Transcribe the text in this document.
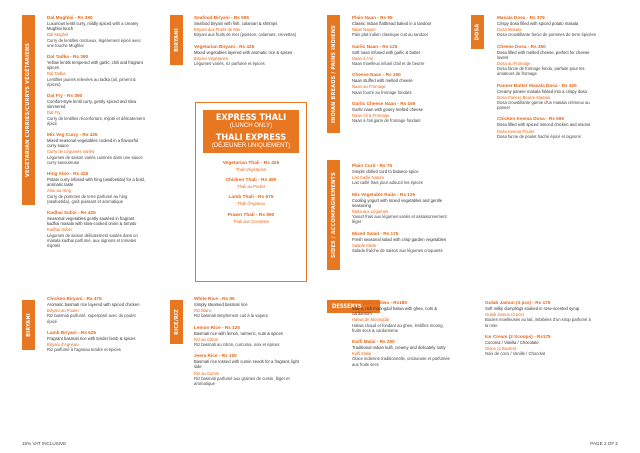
VEGETARIAN CURRIES/CURRYS VÉGÉTARIENS
BIRYANI	INDIAN BREADS / PAINS INDIENS	DOSA
SIDES / ACCOMPAGNEMENTS
BIRYANI	RICE/RIZ
DESSERTS
Dal Mughlai - Rs 390
Luxurious lentil curry, mildly spiced with a creamy Mughlai touch
Dal Moghol
Curry de lentilles onctueux, légèrement épicé avec une touche Mughlai
Dal Tadka - Rs 390
Yellow lentils tempered with garlic, chili and fragrant spices
Dal Tadka
Lentilles jaunes relevées au tadka (ail, piment & épices)
Dal Fry - Rs 390
Comfort-style lentil curry, gently spiced and slow simmered
Dal Fry
Curry de lentilles réconfortant, mijoté et délicatement épicé
Mix Veg Curry - Rs 425
Mixed seasonal vegetables cooked in a flavourful curry sauce
Curry de Légumes Variés
Légumes de saison variés cuisinés dans une sauce curry savoureuse
Hing Aloo - Rs 425
Potato curry infused with hing (asafoetida) for a bold, aromatic taste
Aloo au Hing
Curry de pommes de terre parfumé au hing (asafoetida), goût puissant et aromatique
Kadhai Subzi - Rs 425
Seasonal vegetables gently sautéed in fragrant kadhai masala with slow-cooked onion & tomato
Kadhai Subzi
Légumes de saison délicatement sautés dans un masala kadhai parfumé, aux oignons et tomates mijotés
Seafood Biryani - Rs 595
Seafood biryani with fish, calamari & shrimps
Biryani aux Fruits de Mer
Biryani aux fruits de mer (poisson, calamars, crevettes)
Vegetarian Biryani - Rs 425
Mixed vegetables layered with aromatic rice & spices
Biryani Végétarien
Légumes variés, riz parfumé et épices
EXPRESS THALI
(LUNCH ONLY)
THALI EXPRESS
(DÉJEUNER UNIQUEMENT)
Vegetarian Thali - Rs 425
Thali Végétarien
Chicken Thali - Rs 490
Thali au Poulet
Lamb Thali - Rs 575
Thali d'Agneau
Prawn Thali - Rs 590
Thali aux Crevettes
Plain Naan - Rs 95
Classic Indian flatbread baked in a tandoor
Naan Nature
Pain plat indien classique cuit au tandoor
Garlic Naan - Rs 125
Soft naan infused with garlic & butter
Naan à l'Ail
Naan moelleux infusé d'ail et de beurre
Cheese Naan - Rs 150
Naan stuffed with melted cheese
Naan au Fromage
Naan fourré au fromage fondant
Garlic Cheese Naan - Rs 165
Garlic naan with gooey melted cheese
Naan Ail & Fromage
Naan à l'ail garni de fromage fondant
Plain Curd - Rs 75
Simple chilled curd to balance spice
Lait Caillé Nature
Lait caillé frais pour adoucir les épices
Mix Vegetable Raita - Rs 125
Cooling yogurt with mixed vegetables and gentle seasoning
Raita aux Légumes
Yaourt frais aux légumes variés et assaisonnement léger
Mixed Salad - Rs 175
Fresh seasonal salad with crisp garden vegetables
Salade Mixte
Salade fraîche de saison aux légumes croquants
Masala Dosa - Rs 375
Crispy dosa filled with spiced potato masala
Dosa Masala
Dosa croustillante farcie de pommes de terre épicées
Cheese Dosa - Rs 350
Dosa filled with melted cheese, perfect for cheese lovers
Dosa au Fromage
Dosa farcie de fromage fondu, parfaite pour les amateurs de fromage
Paneer Butter Masala Dosa - Rs 425
Creamy paneer masala folded into a crispy dosa
Dosa Paneer Beurre Masala
Dosa croustillante garnie d'un masala crémeux au paneer
Chicken Keema Dosa - Rs 595
Dosa filled with spiced minced chicken and onions
Dosa Keema Poulet
Dosa farcie de poulet haché épicé et oignons
Chicken Biryani - Rs 475
Aromatic basmati rice layered with spiced chicken
Biryani au Poulet
Riz basmati parfumé, superposé avec du poulet épicé
Lamb Biryani - Rs 525
Fragrant basmati rice with tender lamb & spices
Biryani d'Agneau
Riz parfumé à l'agneau tendre et épices
White Rice - Rs 95
Simply steamed basmati rice
Riz Blanc
Riz basmati simplement cuit à la vapeur
Lemon Rice - Rs 125
Basmati rice with lemon, turmeric, nuts & spices
Riz au Citron
Riz basmati au citron, curcuma, noix et épices
Jeera Rice - Rs 150
Basmati rice tossed with cumin seeds for a fragrant, light side
Riz au Cumin
Riz basmati parfumé aux graines de cumin, léger et aromatique
Moongdal Halwa - Rs180
Warm, rich moongdal halwa with ghee, nuts & cardamom
Halwa de Moongdal
Halwa chaud et fondant au ghee, lentilles moong, fruits secs & cardamome
Kulfi Malai - Rs 250
Traditional Indian kulfi, creamy and delicately nutty
Kulfi Malai
Glace indienne traditionnelle, onctueuse et parfumée aux fruits secs
Gulab Jamun (3 pcs) - Rs 175
Soft milky dumplings soaked in rose-scented syrup
Gulab Jamun (3 pcs)
Boules moelleuses au lait, imbibées d'un sirop parfumé à la rose
Ice Cream (2 Scoops) - Rs175
Coconut / Vanilla / Chocolate
Glace (2 Boules)
Noix de coco / Vanille / Chocolat
15% VAT INCLUSIVE	PAGE 2 OF 2
